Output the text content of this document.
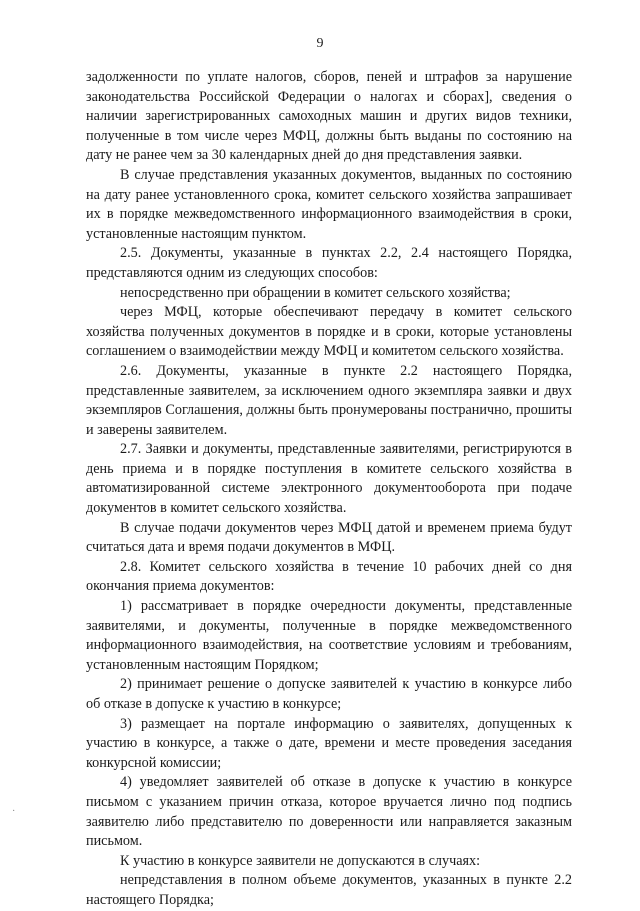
9

задолженности по уплате налогов, сборов, пеней и штрафов за нарушение законодательства Российской Федерации о налогах и сборах], сведения о наличии зарегистрированных самоходных машин и других видов техники, полученные в том числе через МФЦ, должны быть выданы по состоянию на дату не ранее чем за 30 календарных дней до дня представления заявки.

В случае представления указанных документов, выданных по состоянию на дату ранее установленного срока, комитет сельского хозяйства запрашивает их в порядке межведомственного информационного взаимодействия в сроки, установленные настоящим пунктом.

2.5. Документы, указанные в пунктах 2.2, 2.4 настоящего Порядка, представляются одним из следующих способов:

непосредственно при обращении в комитет сельского хозяйства;

через МФЦ, которые обеспечивают передачу в комитет сельского хозяйства полученных документов в порядке и в сроки, которые установлены соглашением о взаимодействии между МФЦ и комитетом сельского хозяйства.

2.6. Документы, указанные в пункте 2.2 настоящего Порядка, представленные заявителем, за исключением одного экземпляра заявки и двух экземпляров Соглашения, должны быть пронумерованы постранично, прошиты и заверены заявителем.

2.7. Заявки и документы, представленные заявителями, регистрируются в день приема и в порядке поступления в комитете сельского хозяйства в автоматизированной системе электронного документооборота при подаче документов в комитет сельского хозяйства.

В случае подачи документов через МФЦ датой и временем приема будут считаться дата и время подачи документов в МФЦ.

2.8. Комитет сельского хозяйства в течение 10 рабочих дней со дня окончания приема документов:

1) рассматривает в порядке очередности документы, представленные заявителями, и документы, полученные в порядке межведомственного информационного взаимодействия, на соответствие условиям и требованиям, установленным настоящим Порядком;

2) принимает решение о допуске заявителей к участию в конкурсе либо об отказе в допуске к участию в конкурсе;

3) размещает на портале информацию о заявителях, допущенных к участию в конкурсе, а также о дате, времени и месте проведения заседания конкурсной комиссии;

4) уведомляет заявителей об отказе в допуске к участию в конкурсе письмом с указанием причин отказа, которое вручается лично под подпись заявителю либо представителю по доверенности или направляется заказным письмом.

К участию в конкурсе заявители не допускаются в случаях:

непредставления в полном объеме документов, указанных в пункте 2.2 настоящего Порядка;

·
